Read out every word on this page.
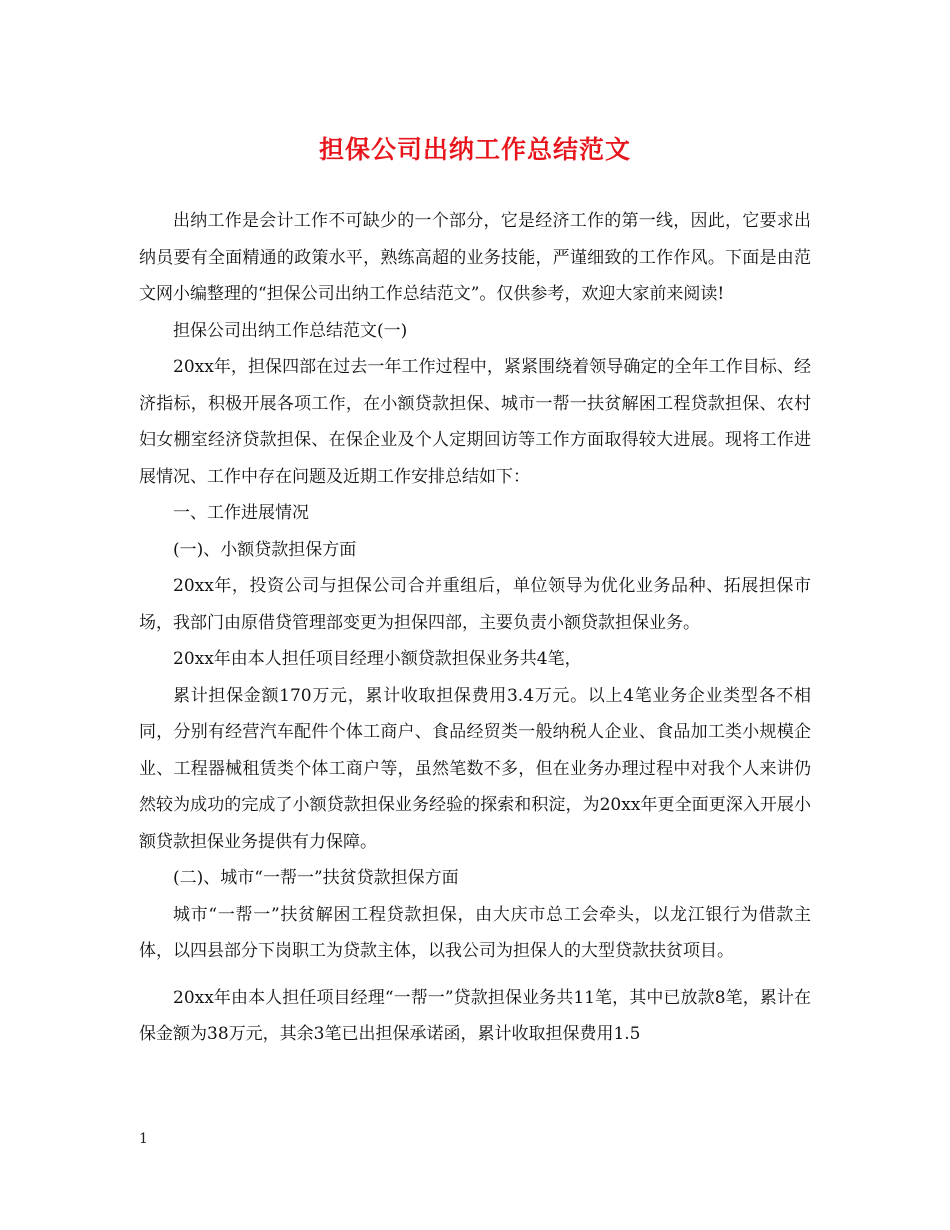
担保公司出纳工作总结范文

出纳工作是会计工作不可缺少的一个部分，它是经济工作的第一线，因此，它要求出纳员要有全面精通的政策水平，熟练高超的业务技能，严谨细致的工作作风。下面是由范文网小编整理的“担保公司出纳工作总结范文”。仅供参考，欢迎大家前来阅读!

担保公司出纳工作总结范文(一)

20xx年，担保四部在过去一年工作过程中，紧紧围绕着领导确定的全年工作目标、经济指标，积极开展各项工作，在小额贷款担保、城市一帮一扶贫解困工程贷款担保、农村妇女棚室经济贷款担保、在保企业及个人定期回访等工作方面取得较大进展。现将工作进展情况、工作中存在问题及近期工作安排总结如下：

一、工作进展情况

(一)、小额贷款担保方面

20xx年，投资公司与担保公司合并重组后，单位领导为优化业务品种、拓展担保市场，我部门由原借贷管理部变更为担保四部，主要负责小额贷款担保业务。

20xx年由本人担任项目经理小额贷款担保业务共4笔，

累计担保金额170万元，累计收取担保费用3.4万元。以上4笔业务企业类型各不相同，分别有经营汽车配件个体工商户、食品经贸类一般纳税人企业、食品加工类小规模企业、工程器械租赁类个体工商户等，虽然笔数不多，但在业务办理过程中对我个人来讲仍然较为成功的完成了小额贷款担保业务经验的探索和积淀，为20xx年更全面更深入开展小额贷款担保业务提供有力保障。

(二)、城市“一帮一”扶贫贷款担保方面

城市“一帮一”扶贫解困工程贷款担保，由大庆市总工会牵头，以龙江银行为借款主体，以四县部分下岗职工为贷款主体，以我公司为担保人的大型贷款扶贫项目。

20xx年由本人担任项目经理“一帮一”贷款担保业务共11笔，其中已放款8笔，累计在保金额为38万元，其余3笔已出担保承诺函，累计收取担保费用1.5

1
